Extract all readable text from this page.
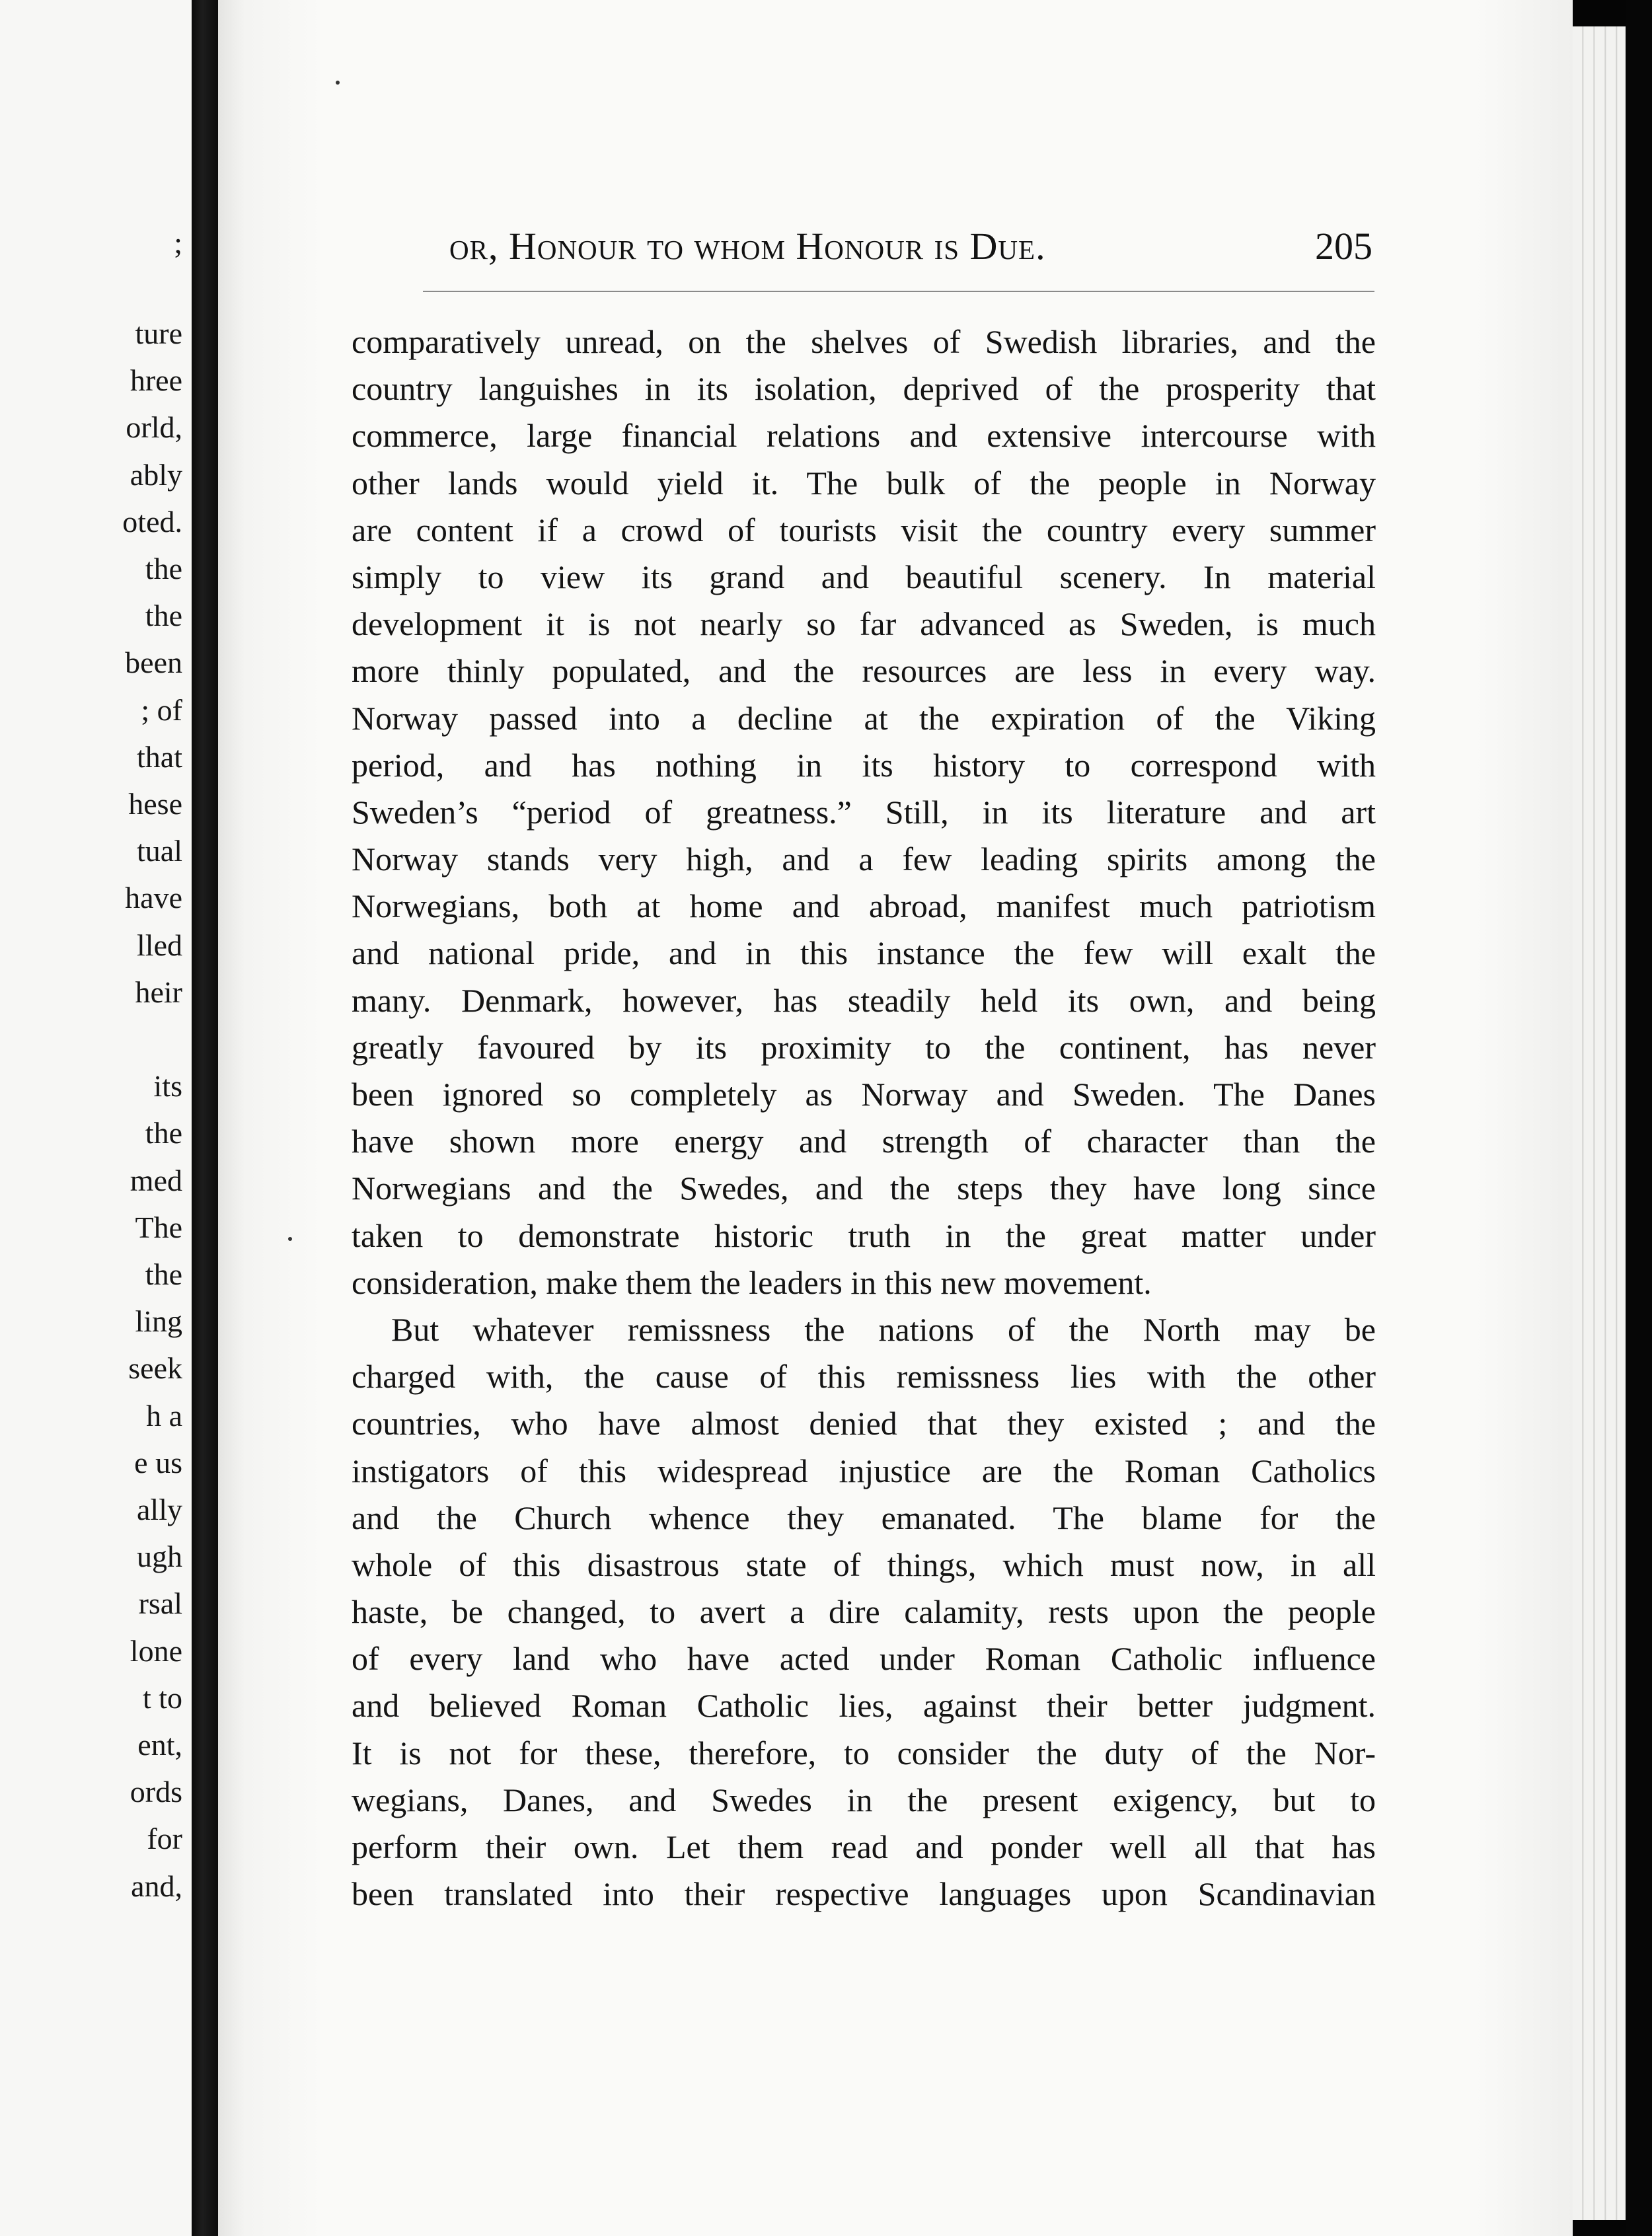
;
ture
hree
orld,
ably
oted.
the
the
been
; of
that
hese
tual
have
lled
heir
its
the
med
The
the
ling
seek
h a
e us
ally
ugh
rsal
lone
t to
ent,
ords
for
and,
or, Honour to whom Honour is Due.	205
comparatively unread, on the shelves of Swedish libraries, and the
country languishes in its isolation, deprived of the prosperity that
commerce, large financial relations and extensive intercourse with
other lands would yield it. The bulk of the people in Norway
are content if a crowd of tourists visit the country every summer
simply to view its grand and beautiful scenery. In material
development it is not nearly so far advanced as Sweden, is much
more thinly populated, and the resources are less in every way.
Norway passed into a decline at the expiration of the Viking
period, and has nothing in its history to correspond with
Sweden’s “period of greatness.” Still, in its literature and art
Norway stands very high, and a few leading spirits among the
Norwegians, both at home and abroad, manifest much patriotism
and national pride, and in this instance the few will exalt the
many. Denmark, however, has steadily held its own, and being
greatly favoured by its proximity to the continent, has never
been ignored so completely as Norway and Sweden. The Danes
have shown more energy and strength of character than the
Norwegians and the Swedes, and the steps they have long since
taken to demonstrate historic truth in the great matter under
consideration, make them the leaders in this new movement.
But whatever remissness the nations of the North may be
charged with, the cause of this remissness lies with the other
countries, who have almost denied that they existed ; and the
instigators of this widespread injustice are the Roman Catholics
and the Church whence they emanated. The blame for the
whole of this disastrous state of things, which must now, in all
haste, be changed, to avert a dire calamity, rests upon the people
of every land who have acted under Roman Catholic influence
and believed Roman Catholic lies, against their better judgment.
It is not for these, therefore, to consider the duty of the Nor-
wegians, Danes, and Swedes in the present exigency, but to
perform their own. Let them read and ponder well all that has
been translated into their respective languages upon Scandinavian
